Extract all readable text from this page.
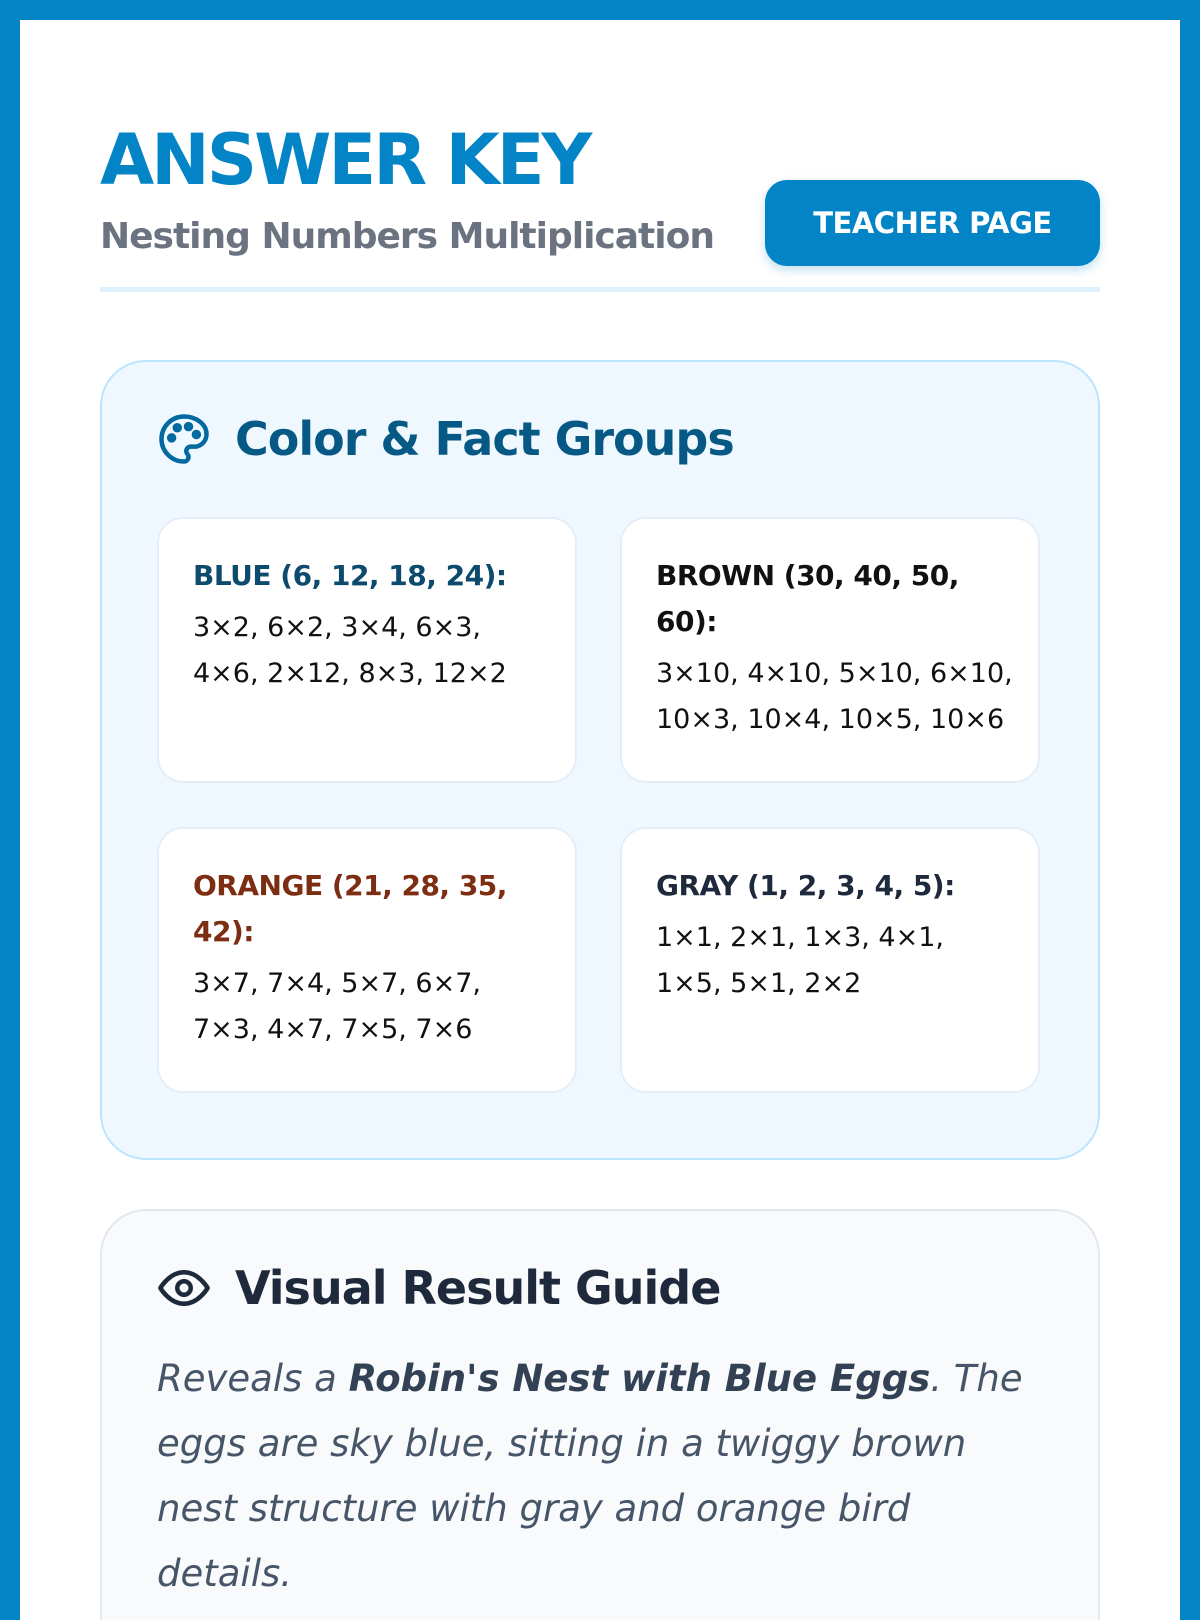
ANSWER KEY

Nesting Numbers Multiplication	TEACHER PAGE
Color & Fact Groups

BLUE (6, 12, 18, 24):

3×2, 6×2, 3×4, 6×3, 4×6, 2×12, 8×3, 12×2

BROWN (30, 40, 50, 60):

3×10, 4×10, 5×10, 6×10, 10×3, 10×4, 10×5, 10×6

ORANGE (21, 28, 35, 42):

3×7, 7×4, 5×7, 6×7, 7×3, 4×7, 7×5, 7×6

GRAY (1, 2, 3, 4, 5):

1×1, 2×1, 1×3, 4×1, 1×5, 5×1, 2×2

Visual Result Guide

Reveals a Robin's Nest with Blue Eggs. The eggs are sky blue, sitting in a twiggy brown nest structure with gray and orange bird details.
